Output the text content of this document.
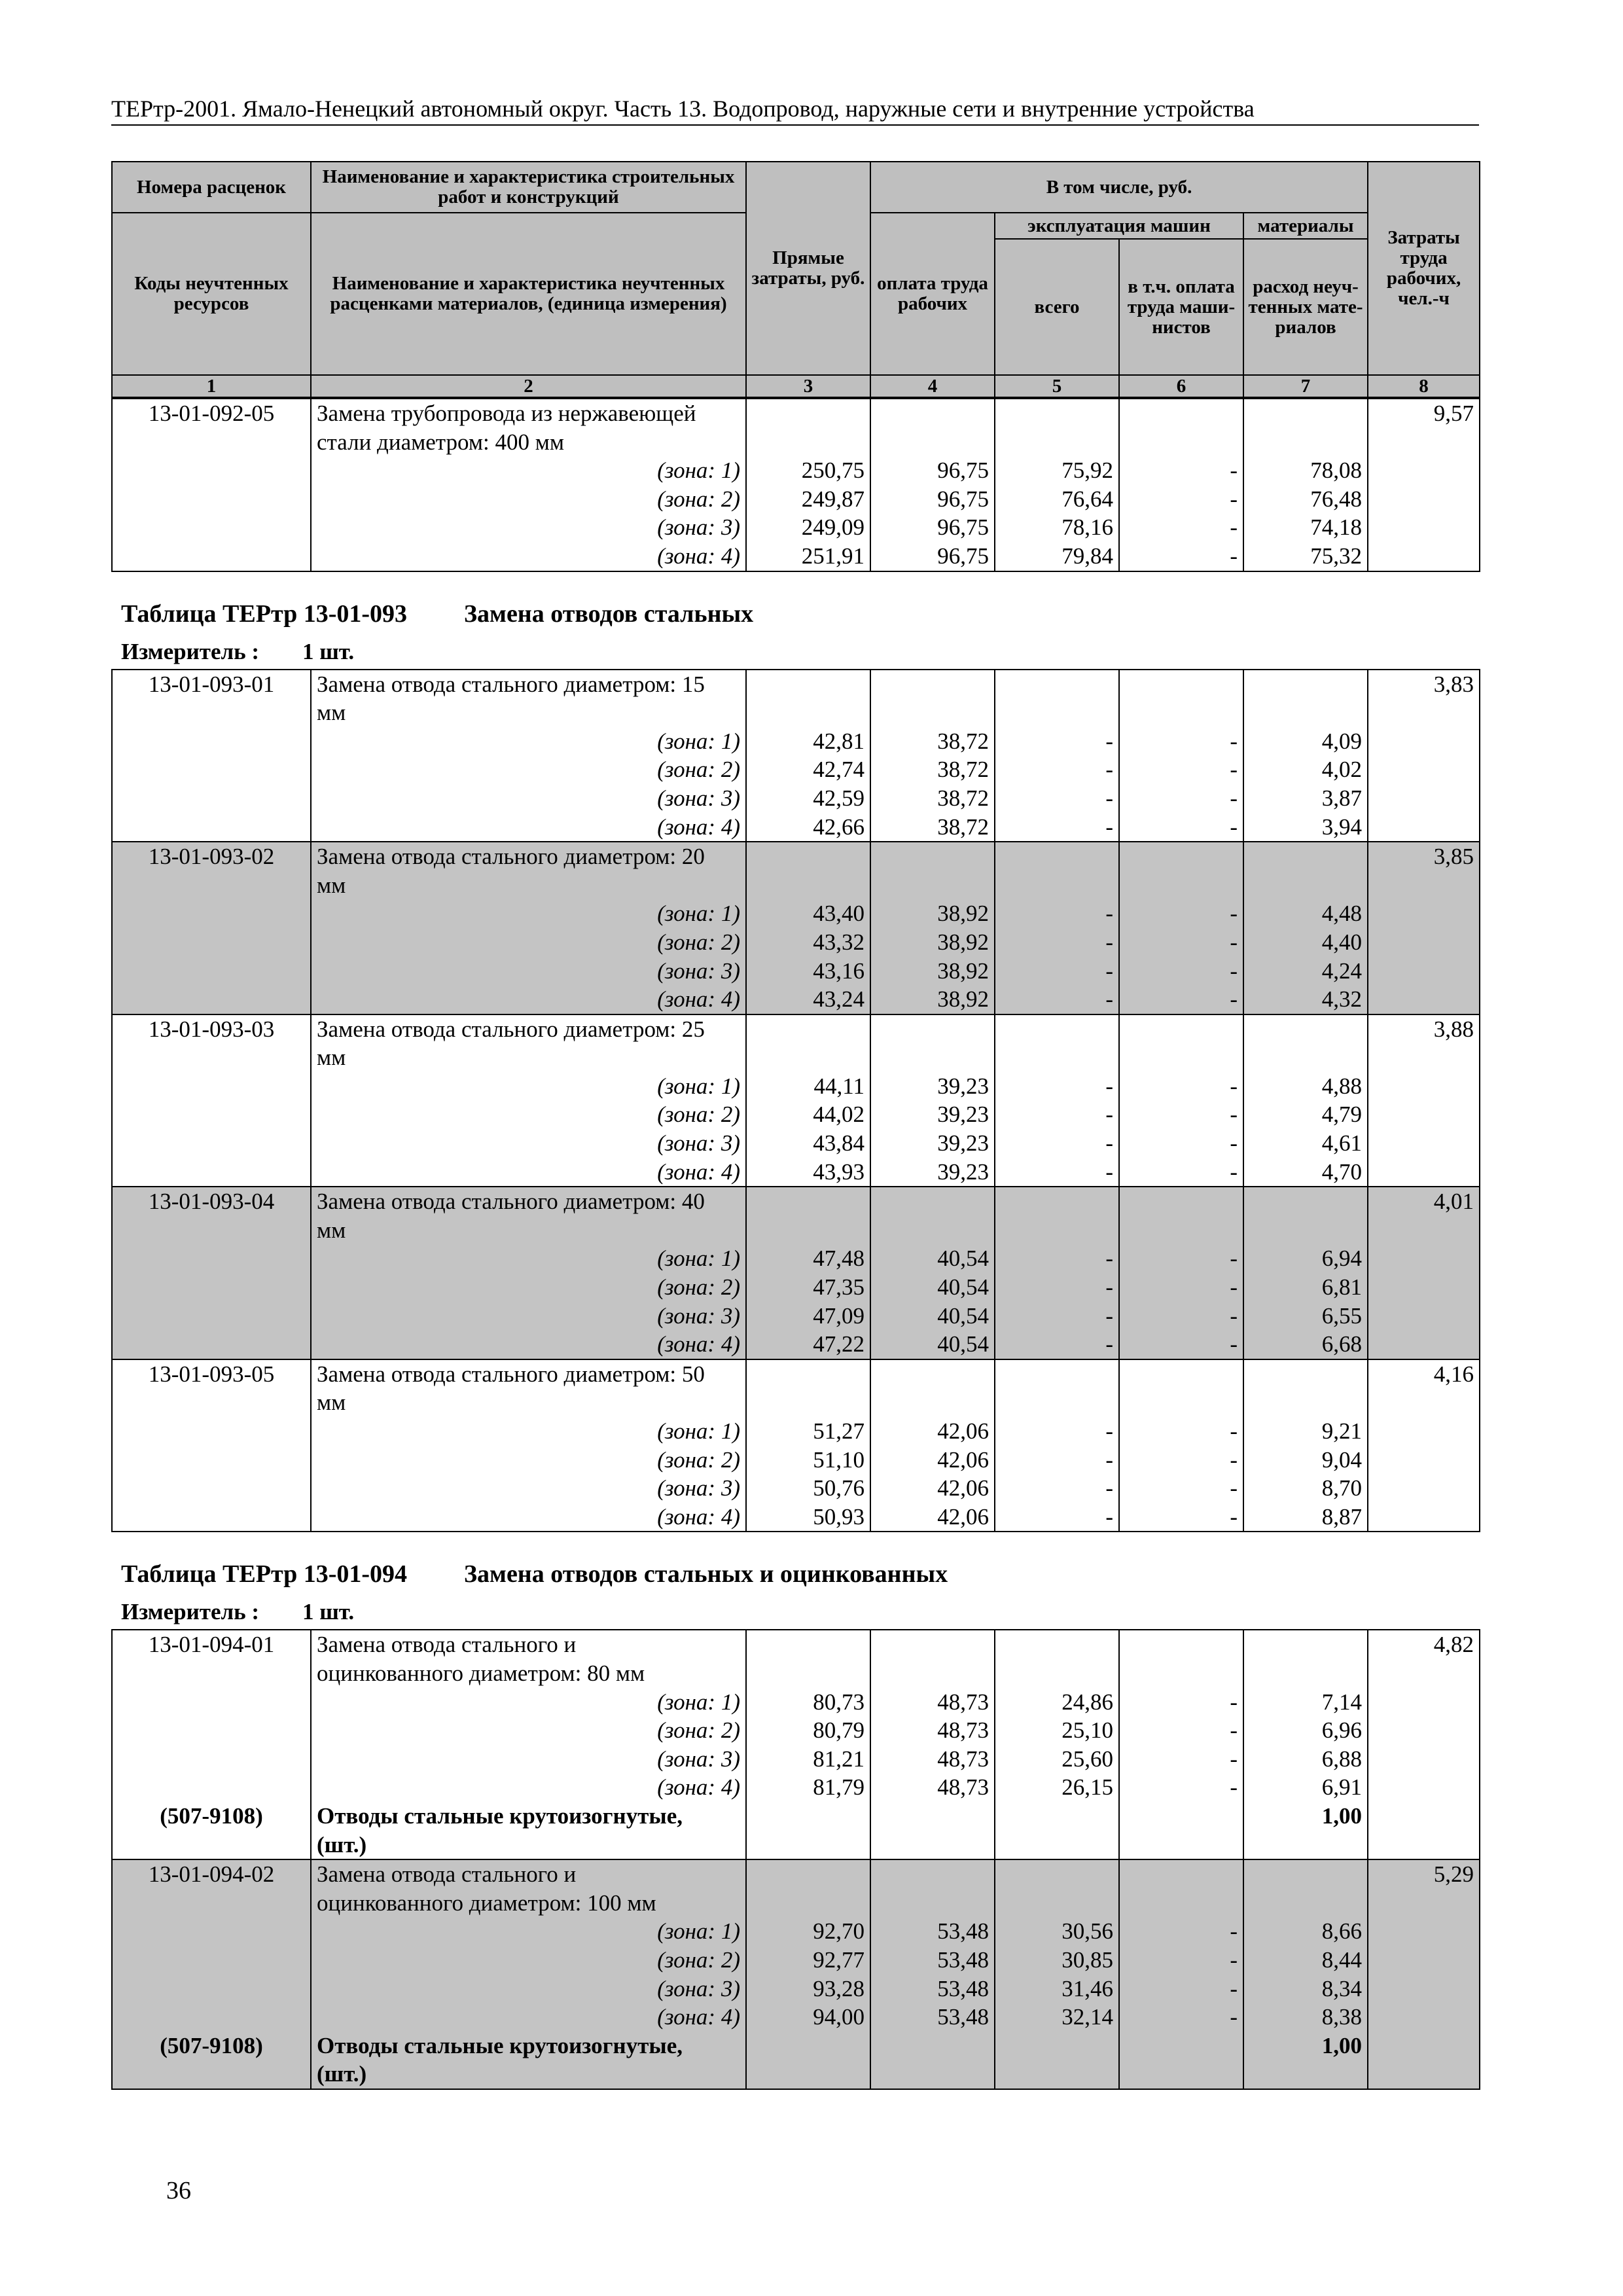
ТЕРтр-2001. Ямало-Ненецкий автономный округ. Часть 13. Водопровод, наружные сети и внутренние устройства
Номера расценок	Наименование и характеристика строительных работ и конструкций	Прямые затраты, руб.	В том числе, руб.				Затраты труда рабочих, чел.-ч
Коды неучтенных ресурсов	Наименование и характеристика неучтенных расценками материалов, (единица измерения)		оплата труда рабочих	эксплуатация машин		материалы	
				всего	в т.ч. оплата труда маши-нистов	расход неуч-тенных мате-риалов	
1	2	3	4	5	6	7	8
13-01-092-05	Замена трубопровода из нержавеющей						9,57
	стали диаметром: 400 мм						
	(зона: 1)	250,75	96,75	75,92	-	78,08	
	(зона: 2)	249,87	96,75	76,64	-	76,48	
	(зона: 3)	249,09	96,75	78,16	-	74,18	
	(зона: 4)	251,91	96,75	79,84	-	75,32	
Таблица ТЕРтр 13-01-093 Замена отводов стальных
Измеритель : 1 шт.
13-01-093-01	Замена отвода стального диаметром: 15						3,83
	мм						
	(зона: 1)	42,81	38,72	-	-	4,09	
	(зона: 2)	42,74	38,72	-	-	4,02	
	(зона: 3)	42,59	38,72	-	-	3,87	
	(зона: 4)	42,66	38,72	-	-	3,94	
13-01-093-02	Замена отвода стального диаметром: 20						3,85
	мм						
	(зона: 1)	43,40	38,92	-	-	4,48	
	(зона: 2)	43,32	38,92	-	-	4,40	
	(зона: 3)	43,16	38,92	-	-	4,24	
	(зона: 4)	43,24	38,92	-	-	4,32	
13-01-093-03	Замена отвода стального диаметром: 25						3,88
	мм						
	(зона: 1)	44,11	39,23	-	-	4,88	
	(зона: 2)	44,02	39,23	-	-	4,79	
	(зона: 3)	43,84	39,23	-	-	4,61	
	(зона: 4)	43,93	39,23	-	-	4,70	
13-01-093-04	Замена отвода стального диаметром: 40						4,01
	мм						
	(зона: 1)	47,48	40,54	-	-	6,94	
	(зона: 2)	47,35	40,54	-	-	6,81	
	(зона: 3)	47,09	40,54	-	-	6,55	
	(зона: 4)	47,22	40,54	-	-	6,68	
13-01-093-05	Замена отвода стального диаметром: 50						4,16
	мм						
	(зона: 1)	51,27	42,06	-	-	9,21	
	(зона: 2)	51,10	42,06	-	-	9,04	
	(зона: 3)	50,76	42,06	-	-	8,70	
	(зона: 4)	50,93	42,06	-	-	8,87	
Таблица ТЕРтр 13-01-094 Замена отводов стальных и оцинкованных
Измеритель : 1 шт.
13-01-094-01	Замена отвода стального и						4,82
	оцинкованного диаметром: 80 мм						
	(зона: 1)	80,73	48,73	24,86	-	7,14	
	(зона: 2)	80,79	48,73	25,10	-	6,96	
	(зона: 3)	81,21	48,73	25,60	-	6,88	
	(зона: 4)	81,79	48,73	26,15	-	6,91	
(507-9108)	Отводы стальные крутоизогнутые,					1,00	
	(шт.)						
13-01-094-02	Замена отвода стального и						5,29
	оцинкованного диаметром: 100 мм						
	(зона: 1)	92,70	53,48	30,56	-	8,66	
	(зона: 2)	92,77	53,48	30,85	-	8,44	
	(зона: 3)	93,28	53,48	31,46	-	8,34	
	(зона: 4)	94,00	53,48	32,14	-	8,38	
(507-9108)	Отводы стальные крутоизогнутые,					1,00	
	(шт.)						
36
